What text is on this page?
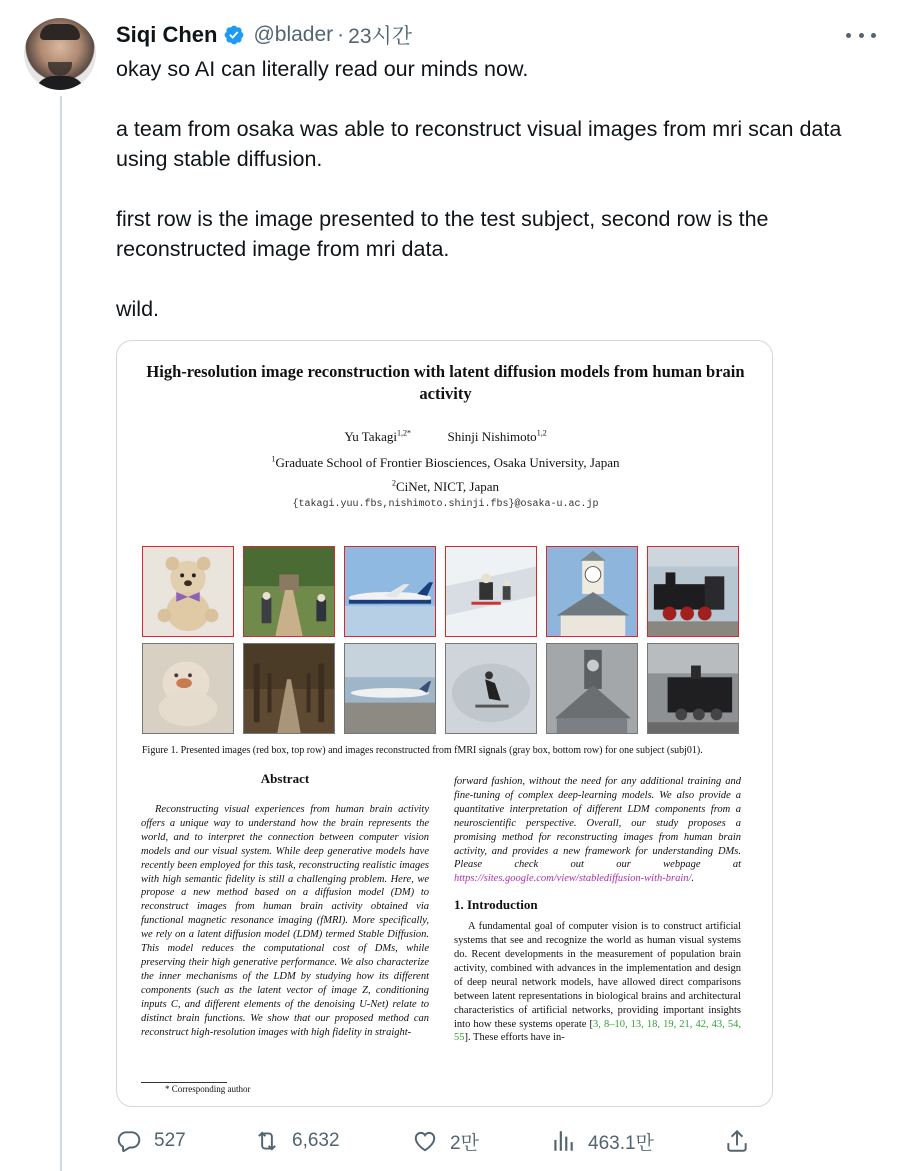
Siqi Chen @blader · 23시간

okay so AI can literally read our minds now.

a team from osaka was able to reconstruct visual images from mri scan data using stable diffusion.

first row is the image presented to the test subject, second row is the reconstructed image from mri data.

wild.

High-resolution image reconstruction with latent diffusion models from human brain activity
Yu Takagi$^{1,2*}$	Shinji Nishimoto$^{1,2}$
$^1$Graduate School of Frontier Biosciences, Osaka University, Japan
$^2$CiNet, NICT, Japan
{takagi.yuu.fbs,nishimoto.shinji.fbs}@osaka-u.ac.jp
Figure 1. Presented images (red box, top row) and images reconstructed from fMRI signals (gray box, bottom row) for one subject (subj01).
Abstract

Reconstructing visual experiences from human brain activity offers a unique way to understand how the brain represents the world, and to interpret the connection between computer vision models and our visual system. While deep generative models have recently been employed for this task, reconstructing realistic images with high semantic fidelity is still a challenging problem. Here, we propose a new method based on a diffusion model (DM) to reconstruct images from human brain activity obtained via functional magnetic resonance imaging (fMRI). More specifically, we rely on a latent diffusion model (LDM) termed Stable Diffusion. This model reduces the computational cost of DMs, while preserving their high generative performance. We also characterize the inner mechanisms of the LDM by studying how its different components (such as the latent vector of image Z, conditioning inputs C, and different elements of the denoising U-Net) relate to distinct brain functions. We show that our proposed method can reconstruct high-resolution images with high fidelity in straight-

forward fashion, without the need for any additional training and fine-tuning of complex deep-learning models. We also provide a quantitative interpretation of different LDM components from a neuroscientific perspective. Overall, our study proposes a promising method for reconstructing images from human brain activity, and provides a new framework for understanding DMs. Please check out our webpage at https://sites.google.com/view/stablediffusion-with-brain/.

1. Introduction

A fundamental goal of computer vision is to construct artificial systems that see and recognize the world as human visual systems do. Recent developments in the measurement of population brain activity, combined with advances in the implementation and design of deep neural network models, have allowed direct comparisons between latent representations in biological brains and architectural characteristics of artificial networks, providing important insights into how these systems operate [3, 8–10, 13, 18, 19, 21, 42, 43, 54, 55]. These efforts have in-

* Corresponding author
527	6,632	2만	463.1만
